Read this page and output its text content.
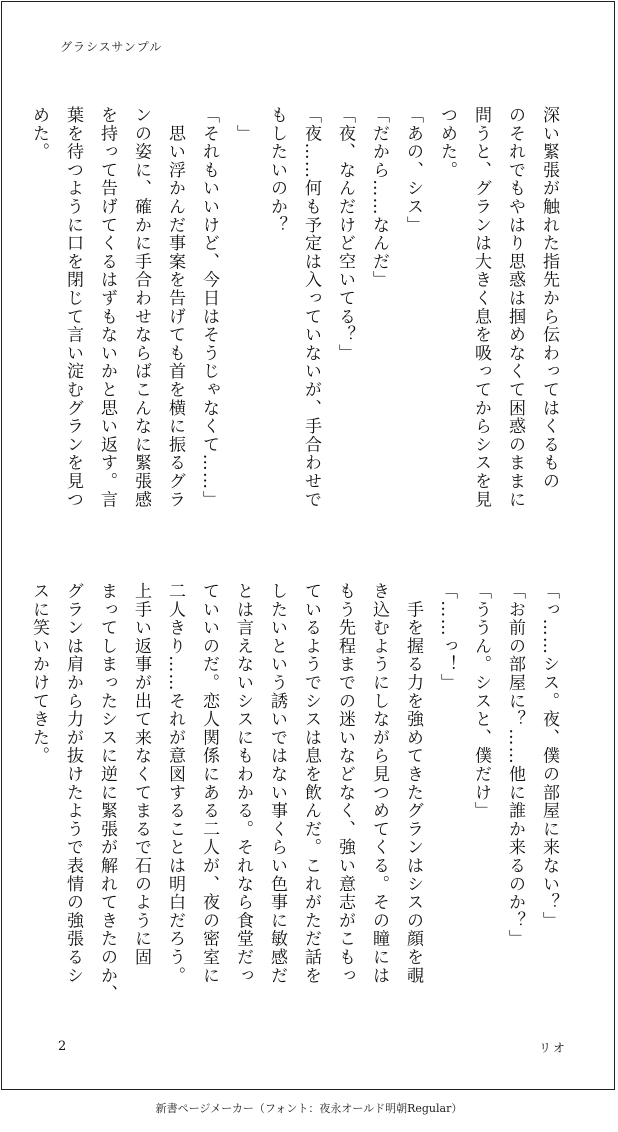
グラシスサンプル
深い緊張が触れた指先から伝わってはくるもの
のそれでもやはり思惑は掴めなくて困惑のままに
問うと、グランは大きく息を吸ってからシスを見
つめた。
「あの、シス」
「だから……なんだ」
「夜、なんだけど空いてる？」
「夜……何も予定は入っていないが、手合わせで
もしたいのか？
　」
「それもいいけど、今日はそうじゃなくて……」
　思い浮かんだ事案を告げても首を横に振るグラ
ンの姿に、確かに手合わせならばこんなに緊張感
を持って告げてくるはずもないかと思い返す。言
葉を待つように口を閉じて言い淀むグランを見つ
めた。
「っ……シス。夜、僕の部屋に来ない？」
「お前の部屋に？……他に誰か来るのか？」
「ううん。シスと、僕だけ」
「……っ！」
　手を握る力を強めてきたグランはシスの顔を覗
き込むようにしながら見つめてくる。その瞳には
もう先程までの迷いなどなく、強い意志がこもっ
ているようでシスは息を飲んだ。これがただ話を
したいという誘いではない事くらい色事に敏感だ
とは言えないシスにもわかる。それなら食堂だっ
ていいのだ。恋人関係にある二人が、夜の密室に
二人きり……それが意図することは明白だろう。
上手い返事が出て来なくてまるで石のように固
まってしまったシスに逆に緊張が解れてきたのか、
グランは肩から力が抜けたようで表情の強張るシ
スに笑いかけてきた。
2	リオ
新書ページメーカー（フォント：夜永オールド明朝Regular）
